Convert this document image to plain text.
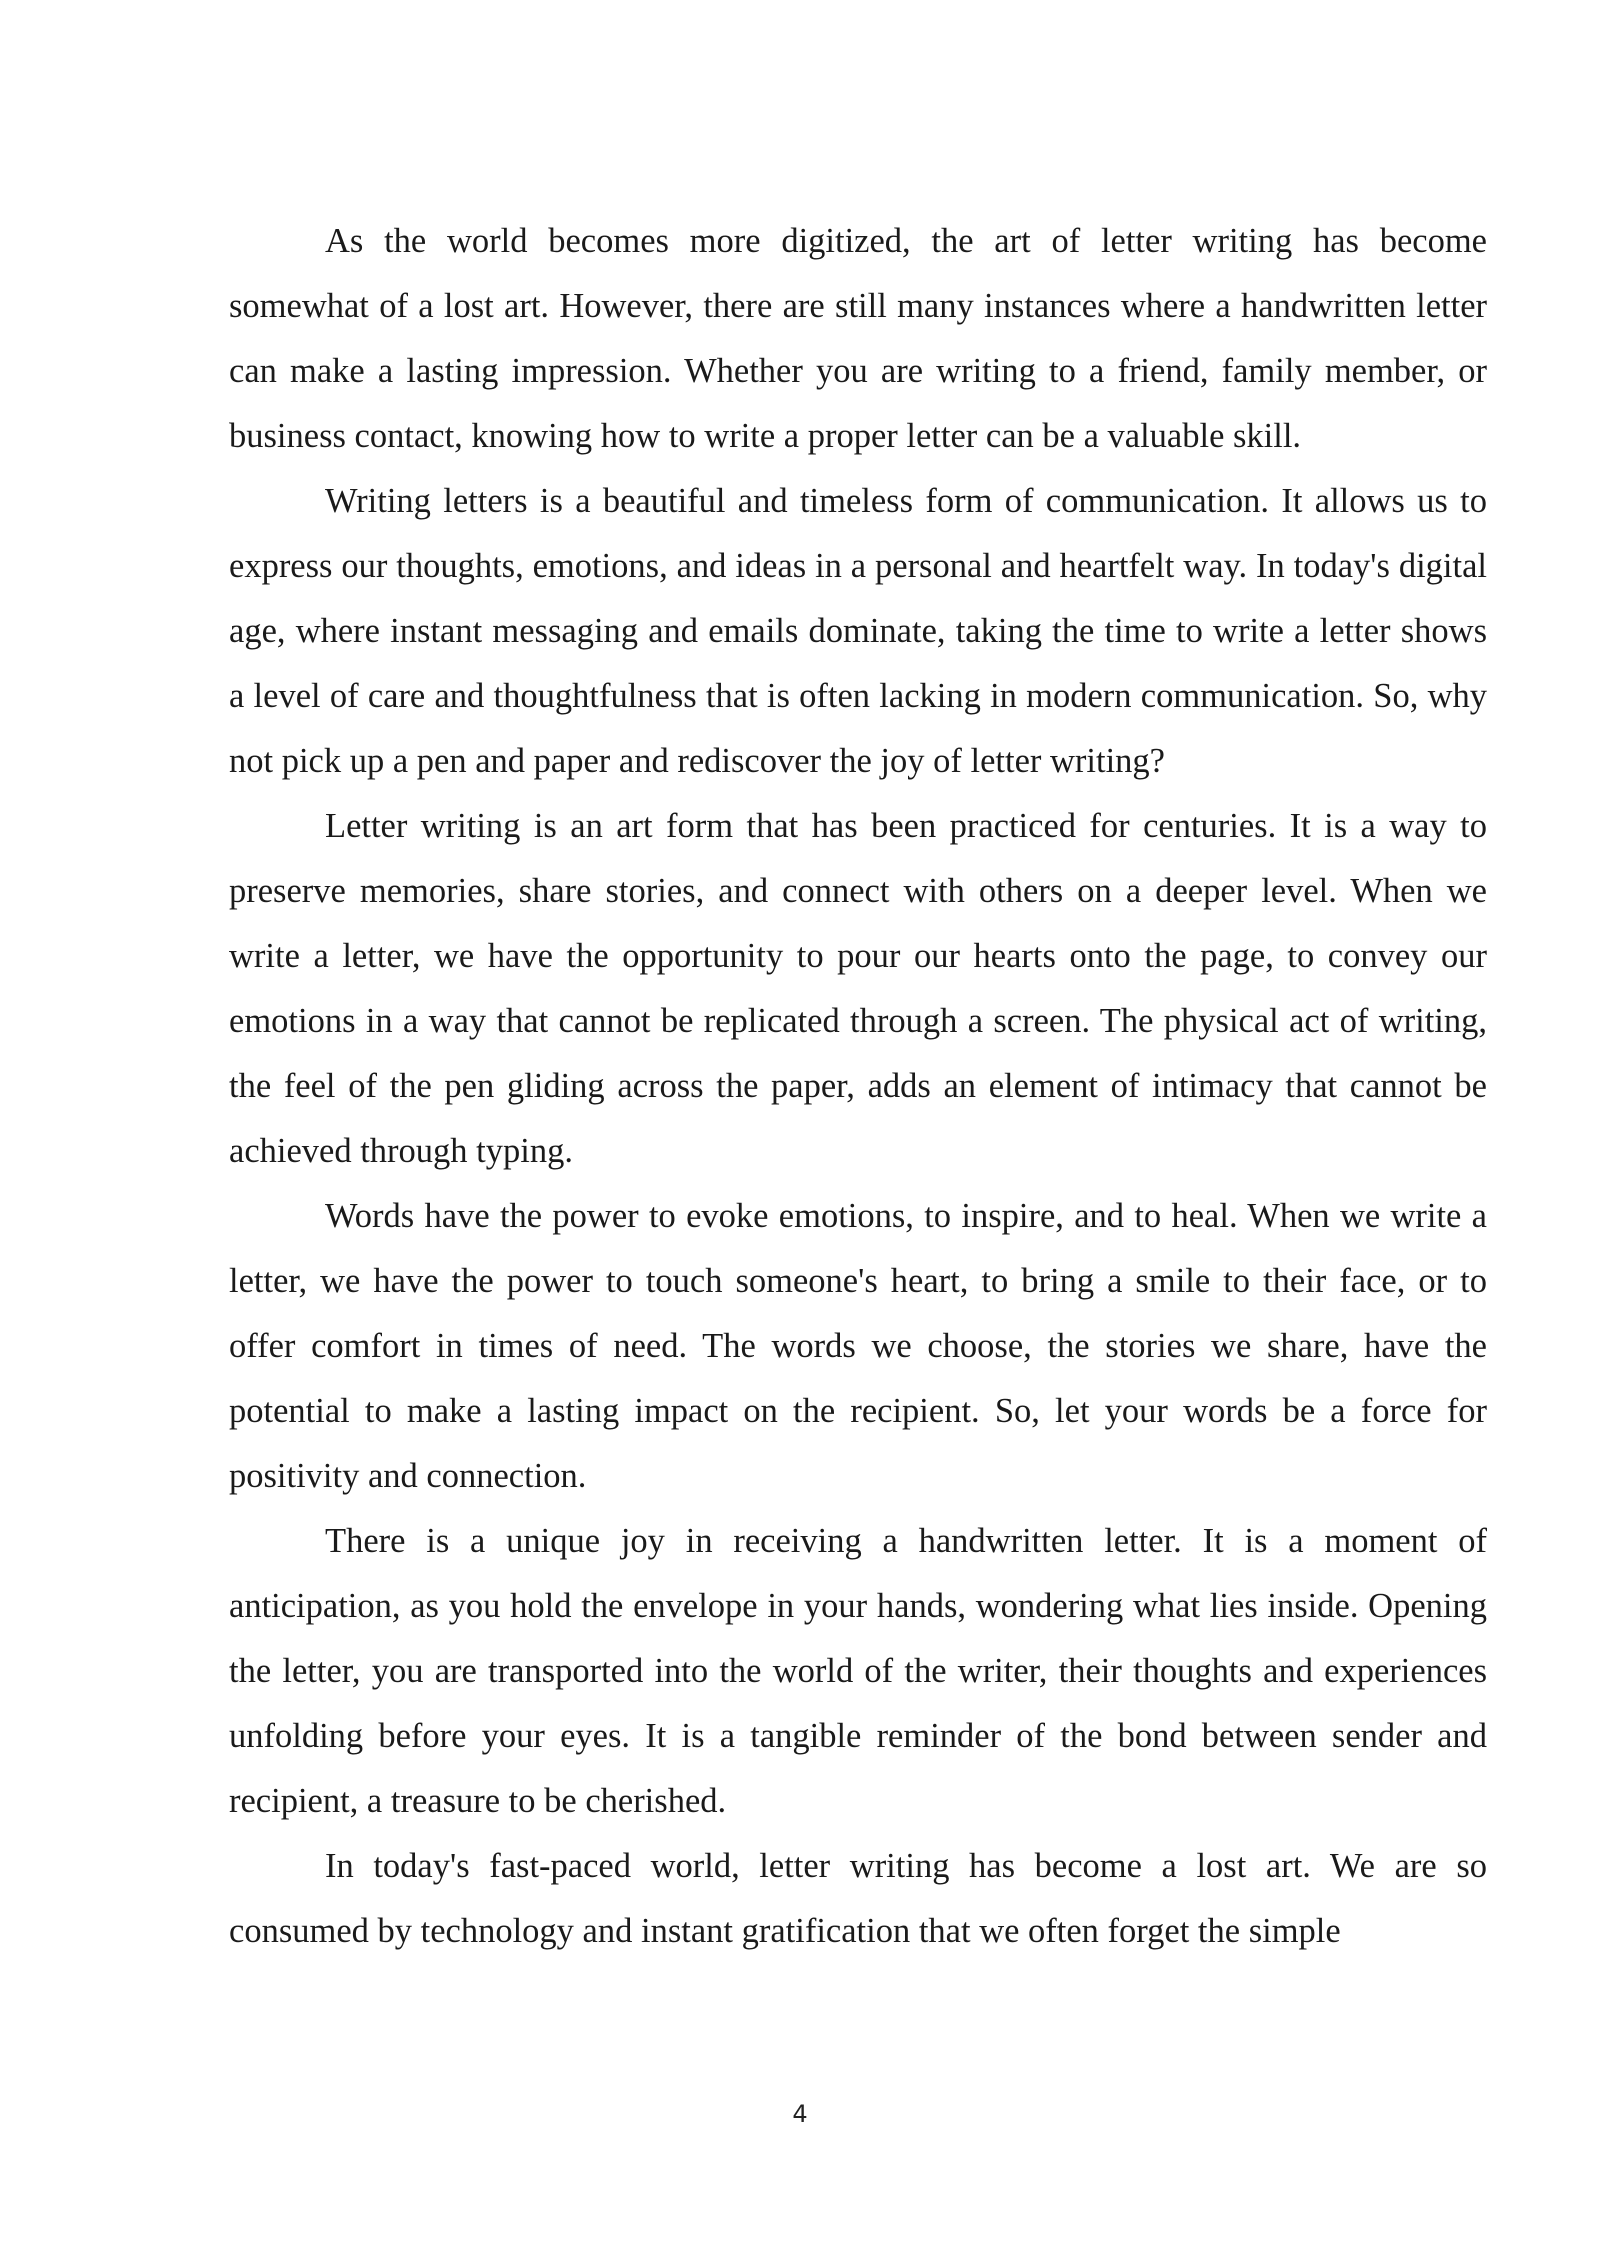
As the world becomes more digitized, the art of letter writing has become somewhat of a lost art. However, there are still many instances where a handwritten letter can make a lasting impression. Whether you are writing to a friend, family member, or business contact, knowing how to write a proper letter can be a valuable skill.

Writing letters is a beautiful and timeless form of communication. It allows us to express our thoughts, emotions, and ideas in a personal and heartfelt way. In today's digital age, where instant messaging and emails dominate, taking the time to write a letter shows a level of care and thoughtfulness that is often lacking in modern communication. So, why not pick up a pen and paper and rediscover the joy of letter writing?

Letter writing is an art form that has been practiced for centuries. It is a way to preserve memories, share stories, and connect with others on a deeper level. When we write a letter, we have the opportunity to pour our hearts onto the page, to convey our emotions in a way that cannot be replicated through a screen. The physical act of writing, the feel of the pen gliding across the paper, adds an element of intimacy that cannot be achieved through typing.

Words have the power to evoke emotions, to inspire, and to heal. When we write a letter, we have the power to touch someone's heart, to bring a smile to their face, or to offer comfort in times of need. The words we choose, the stories we share, have the potential to make a lasting impact on the recipient. So, let your words be a force for positivity and connection.

There is a unique joy in receiving a handwritten letter. It is a moment of anticipation, as you hold the envelope in your hands, wondering what lies inside. Opening the letter, you are transported into the world of the writer, their thoughts and experiences unfolding before your eyes. It is a tangible reminder of the bond between sender and recipient, a treasure to be cherished.

In today's fast-paced world, letter writing has become a lost art. We are so consumed by technology and instant gratification that we often forget the simple

4
